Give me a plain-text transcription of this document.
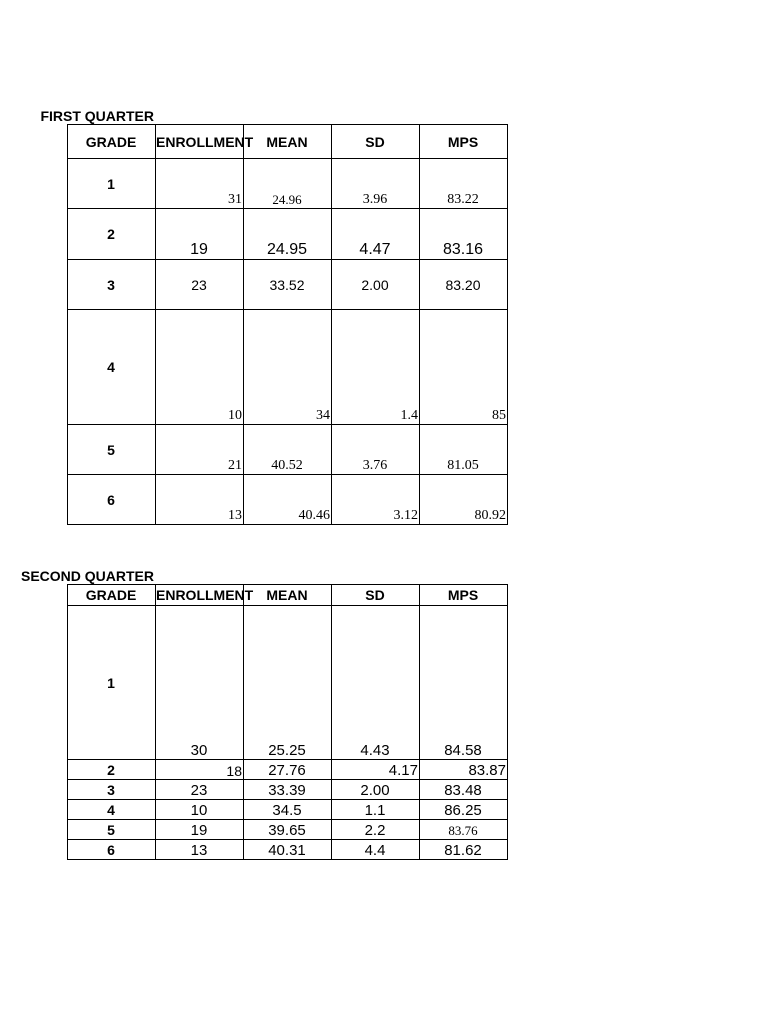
FIRST QUARTER
GRADE	ENROLLMENT	MEAN	SD	MPS
1	31	24.96	3.96	83.22
2	19	24.95	4.47	83.16
3	23	33.52	2.00	83.20
4	10	34	1.4	85
5	21	40.52	3.76	81.05
6	13	40.46	3.12	80.92
SECOND QUARTER
GRADE	ENROLLMENT	MEAN	SD	MPS
1	30	25.25	4.43	84.58
2	18	27.76	4.17	83.87
3	23	33.39	2.00	83.48
4	10	34.5	1.1	86.25
5	19	39.65	2.2	83.76
6	13	40.31	4.4	81.62
